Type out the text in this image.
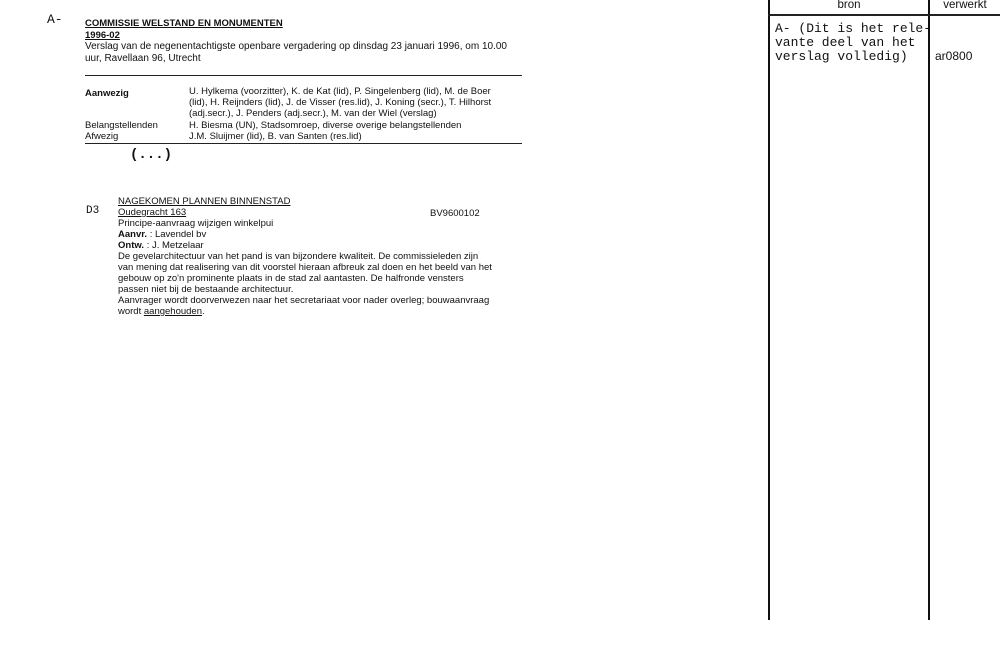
A- COMMISSIE WELSTAND EN MONUMENTEN
1996-02
Verslag van de negenentachtigste openbare vergadering op dinsdag 23 januari 1996, om 10.00
uur, Ravellaan 96, Utrecht
Aanwezig	U. Hylkema (voorzitter), K. de Kat (lid), P. Singelenberg (lid), M. de Boer
(lid), H. Reijnders (lid), J. de Visser (res.lid), J. Koning (secr.), T. Hilhorst
(adj.secr.), J. Penders (adj.secr.), M. van der Wiel (verslag)
Belangstellenden	H. Biesma (UN), Stadsomroep, diverse overige belangstellenden
Afwezig	J.M. Sluijmer (lid), B. van Santen (res.lid)
(...)
NAGEKOMEN PLANNEN BINNENSTAD
D3 Oudegracht 163	BV9600102
Principe-aanvraag wijzigen winkelpui
Aanvr. : Lavendel bv
Ontw. : J. Metzelaar
De gevelarchitectuur van het pand is van bijzondere kwaliteit. De commissieleden zijn
van mening dat realisering van dit voorstel hieraan afbreuk zal doen en het beeld van het
gebouw op zo'n prominente plaats in de stad zal aantasten. De halfronde vensters
passen niet bij de bestaande architectuur.
Aanvrager wordt doorverwezen naar het secretariaat voor nader overleg; bouwaanvraag
wordt aangehouden.
bron	verwerkt
A- (Dit is het rele-
vante deel van het
verslag volledig) ar0800
